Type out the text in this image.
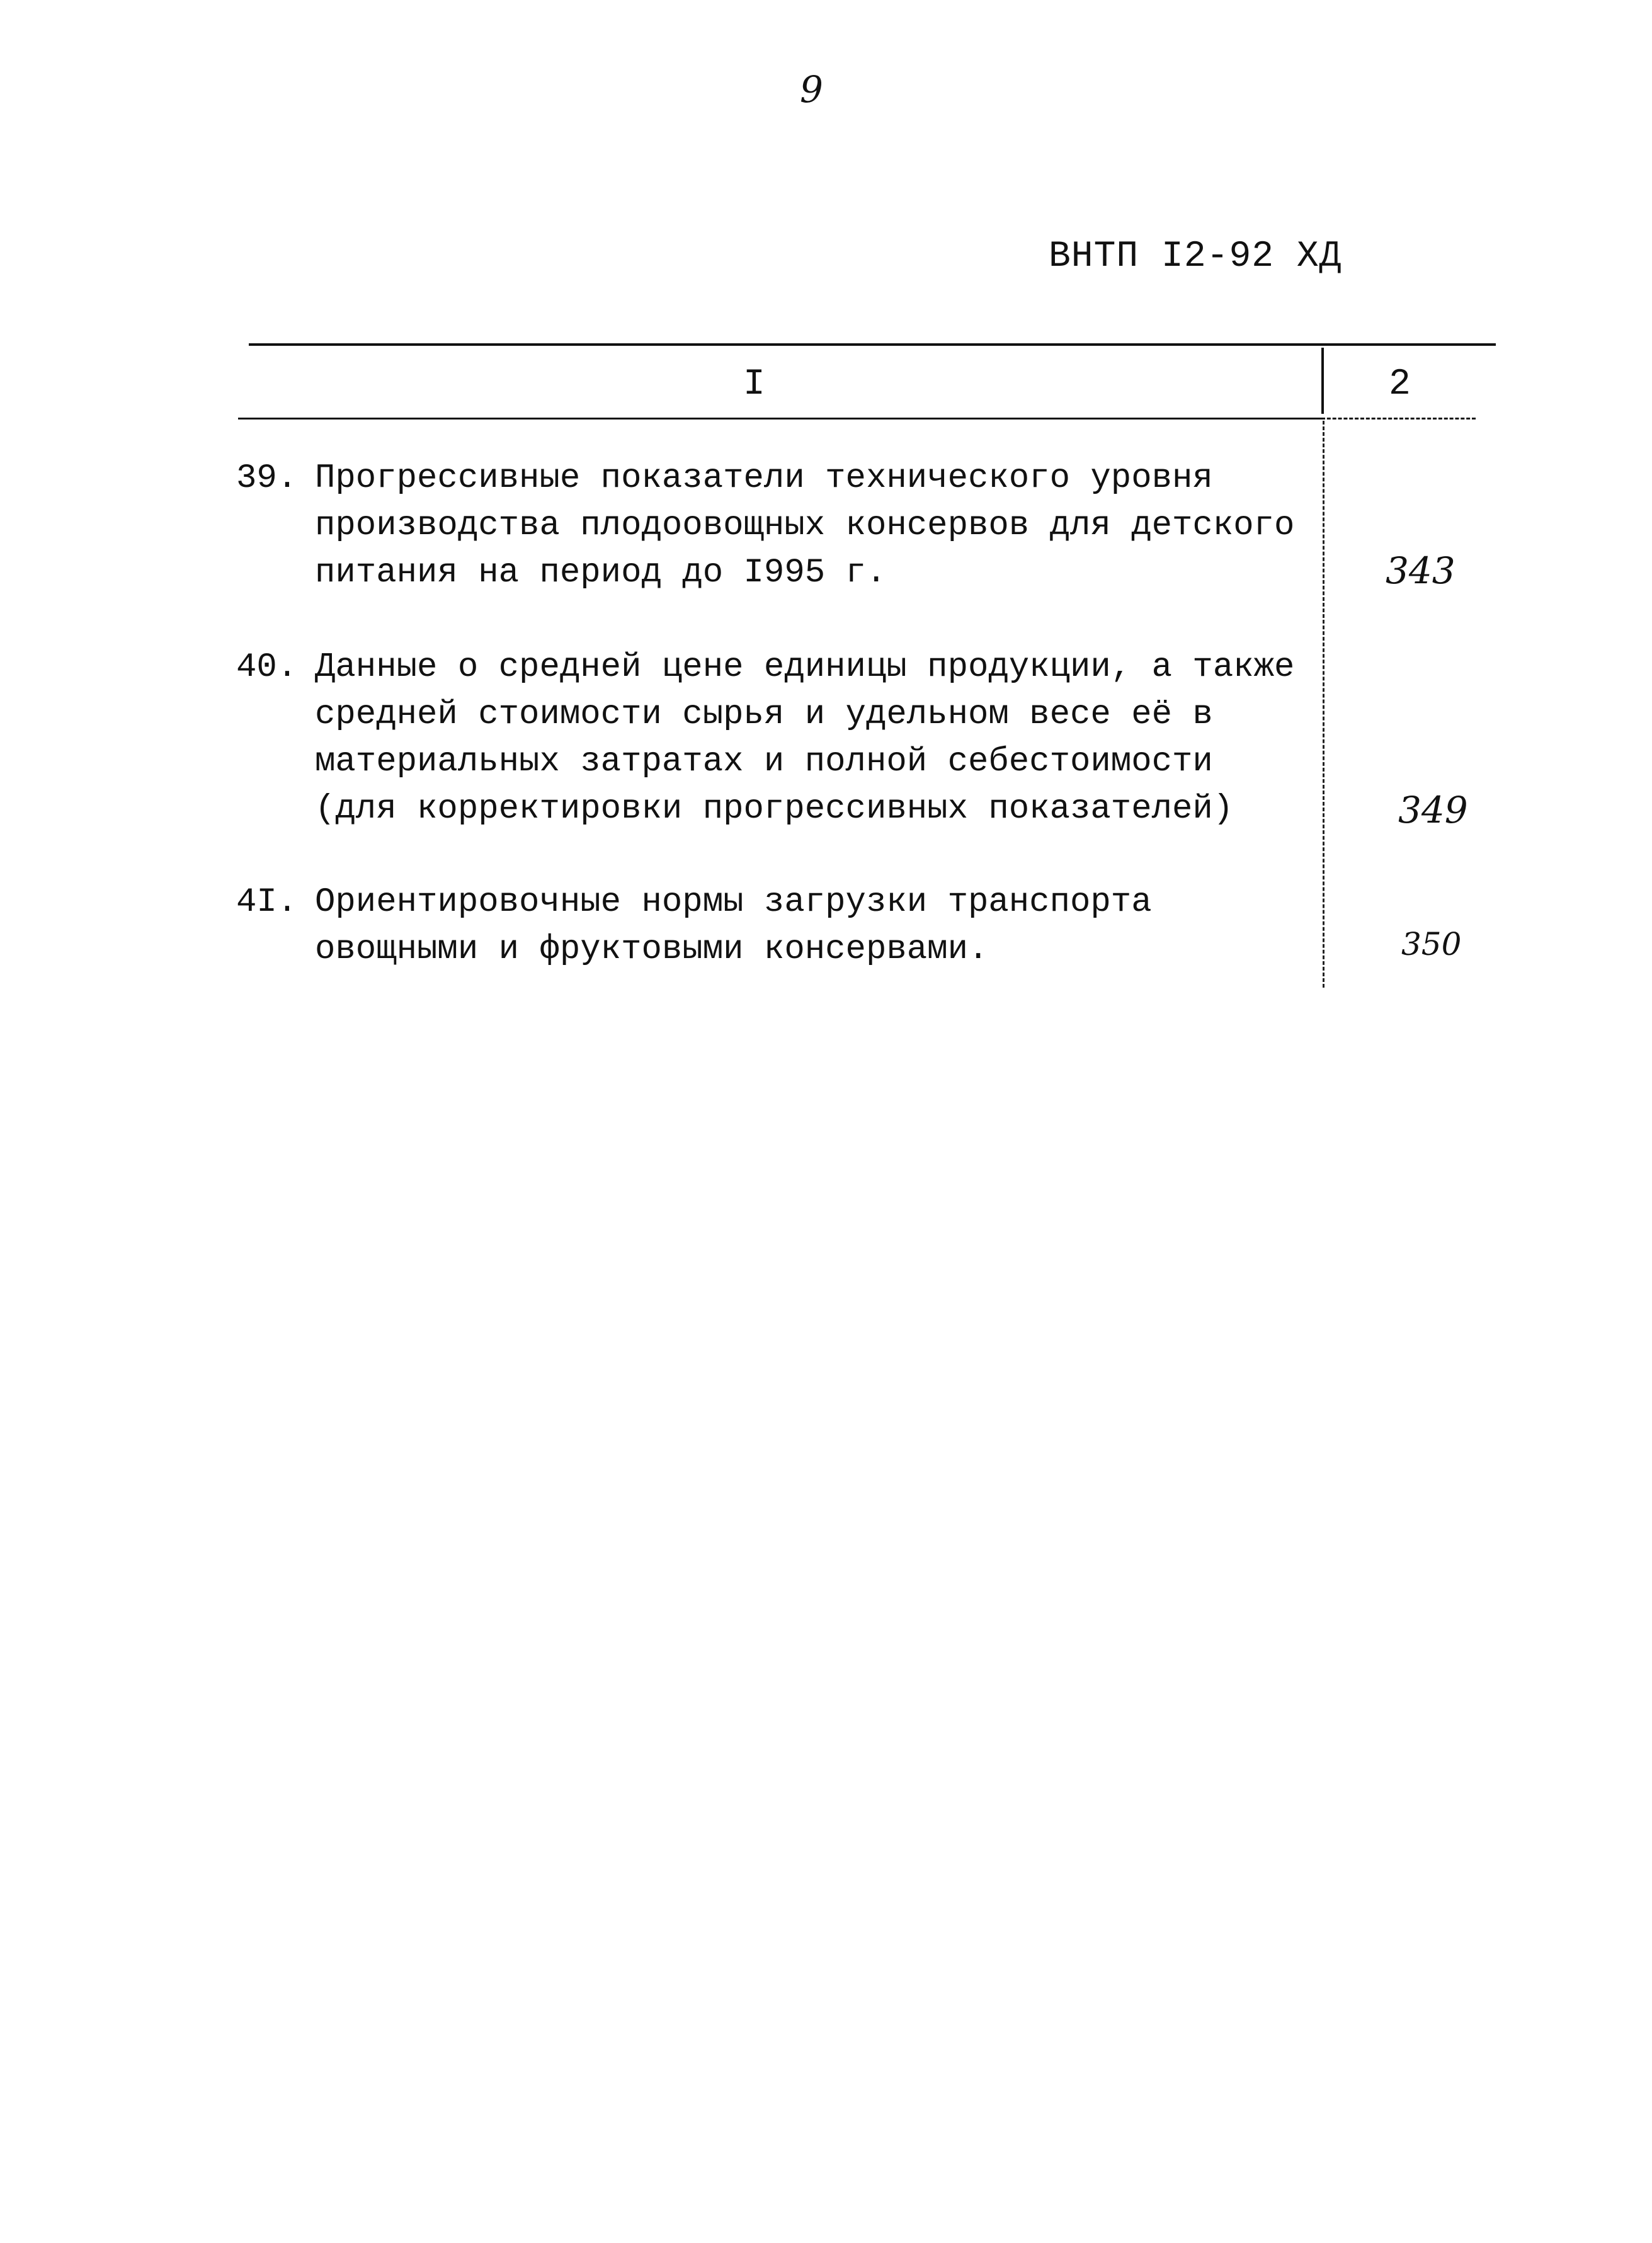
9
ВНТП I2-92 ХД
I	2
39. Прогрессивные показатели технического уровня
производства плодоовощных консервов для детского
питания на период до I995 г.	343
40. Данные о средней цене единицы продукции, а также
средней стоимости сырья и удельном весе её в
материальных затратах и полной себестоимости
(для корректировки прогрессивных показателей)	349
4I. Ориентировочные нормы загрузки транспорта
овощными и фруктовыми консервами.	350
